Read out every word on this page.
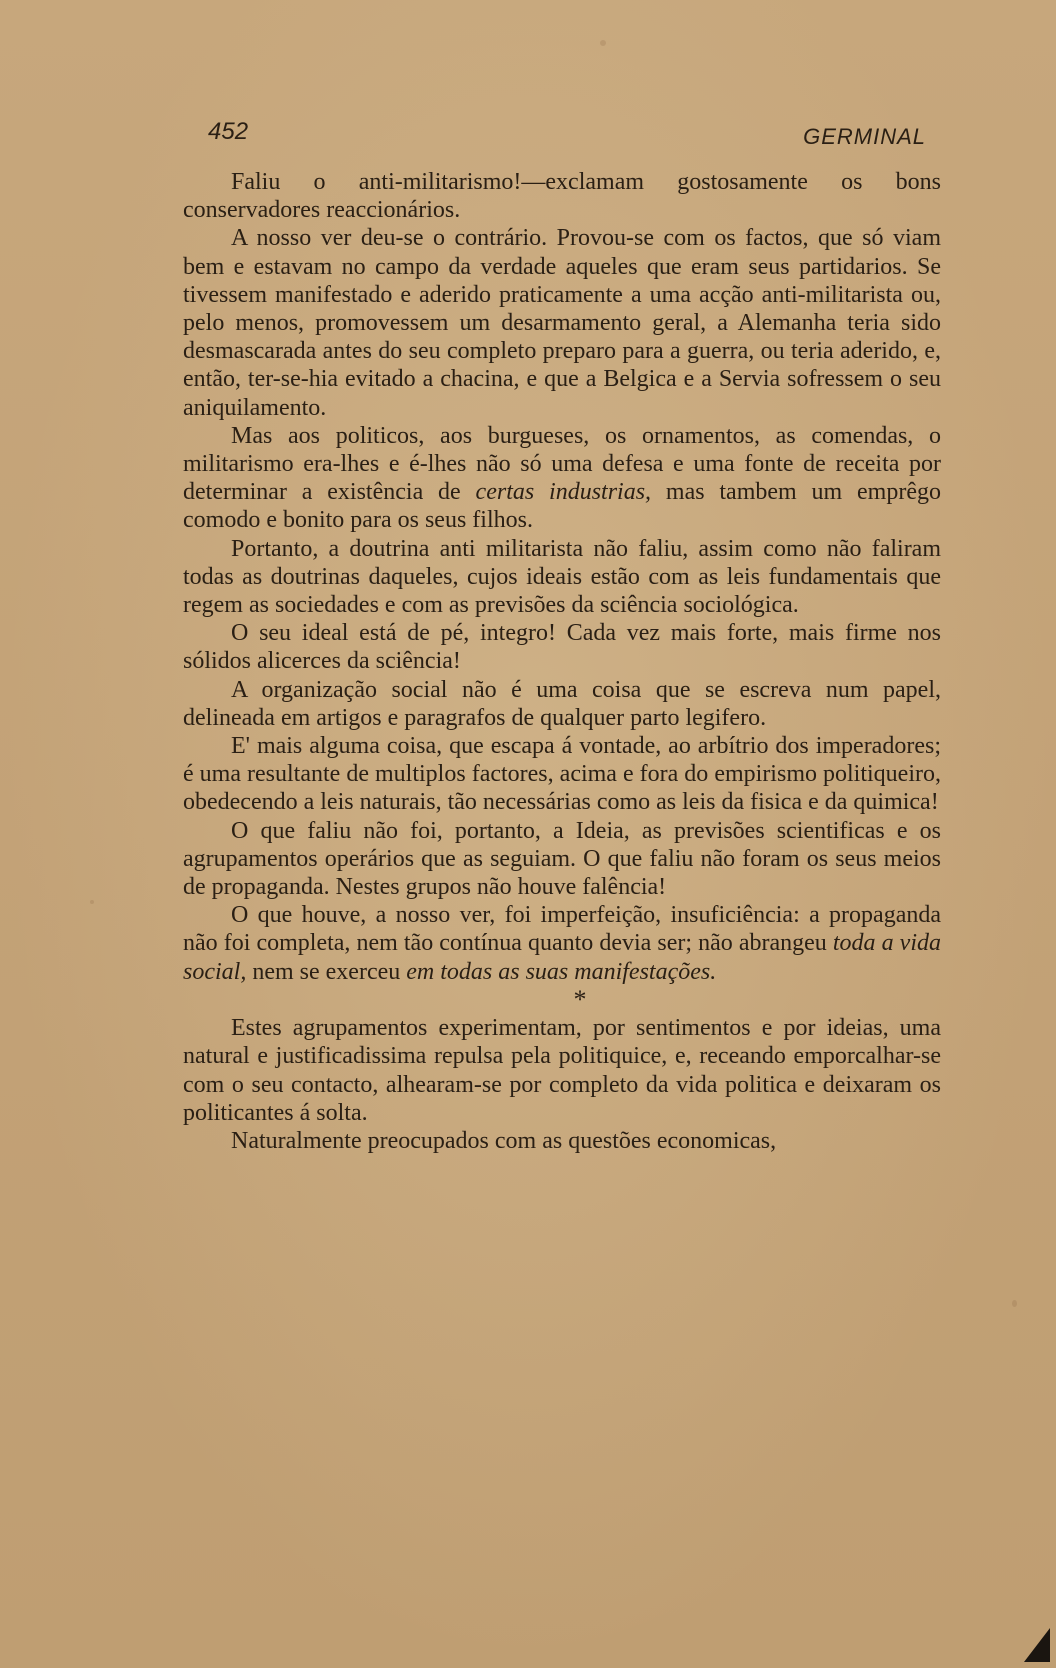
452	GERMINAL

Faliu o anti-militarismo!—exclamam gostosamente os bons conservadores reaccionários.

A nosso ver deu-se o contrário. Provou-se com os factos, que só viam bem e estavam no campo da verdade aqueles que eram seus partidarios. Se tivessem manifestado e aderido praticamente a uma acção anti-militarista ou, pelo menos, promovessem um desarmamento geral, a Alemanha teria sido desmascarada antes do seu completo preparo para a guerra, ou teria aderido, e, então, ter-se-hia evitado a chacina, e que a Belgica e a Servia sofressem o seu aniquilamento.

Mas aos politicos, aos burgueses, os ornamentos, as comendas, o militarismo era-lhes e é-lhes não só uma defesa e uma fonte de receita por determinar a existência de certas industrias, mas tambem um emprêgo comodo e bonito para os seus filhos.

Portanto, a doutrina anti militarista não faliu, assim como não faliram todas as doutrinas daqueles, cujos ideais estão com as leis fundamentais que regem as sociedades e com as previsões da sciência sociológica.

O seu ideal está de pé, integro! Cada vez mais forte, mais firme nos sólidos alicerces da sciência!

A organização social não é uma coisa que se escreva num papel, delineada em artigos e paragrafos de qualquer parto legifero.

E' mais alguma coisa, que escapa á vontade, ao arbítrio dos imperadores; é uma resultante de multiplos factores, acima e fora do empirismo politiqueiro, obedecendo a leis naturais, tão necessárias como as leis da fisica e da quimica!

O que faliu não foi, portanto, a Ideia, as previsões scientificas e os agrupamentos operários que as seguiam. O que faliu não foram os seus meios de propaganda. Nestes grupos não houve falência!

O que houve, a nosso ver, foi imperfeição, insuficiência: a propaganda não foi completa, nem tão contínua quanto devia ser; não abrangeu toda a vida social, nem se exerceu em todas as suas manifestações.

*

Estes agrupamentos experimentam, por sentimentos e por ideias, uma natural e justificadissima repulsa pela politiquice, e, receando emporcalhar-se com o seu contacto, alhearam-se por completo da vida politica e deixaram os politicantes á solta.

Naturalmente preocupados com as questões economicas,
